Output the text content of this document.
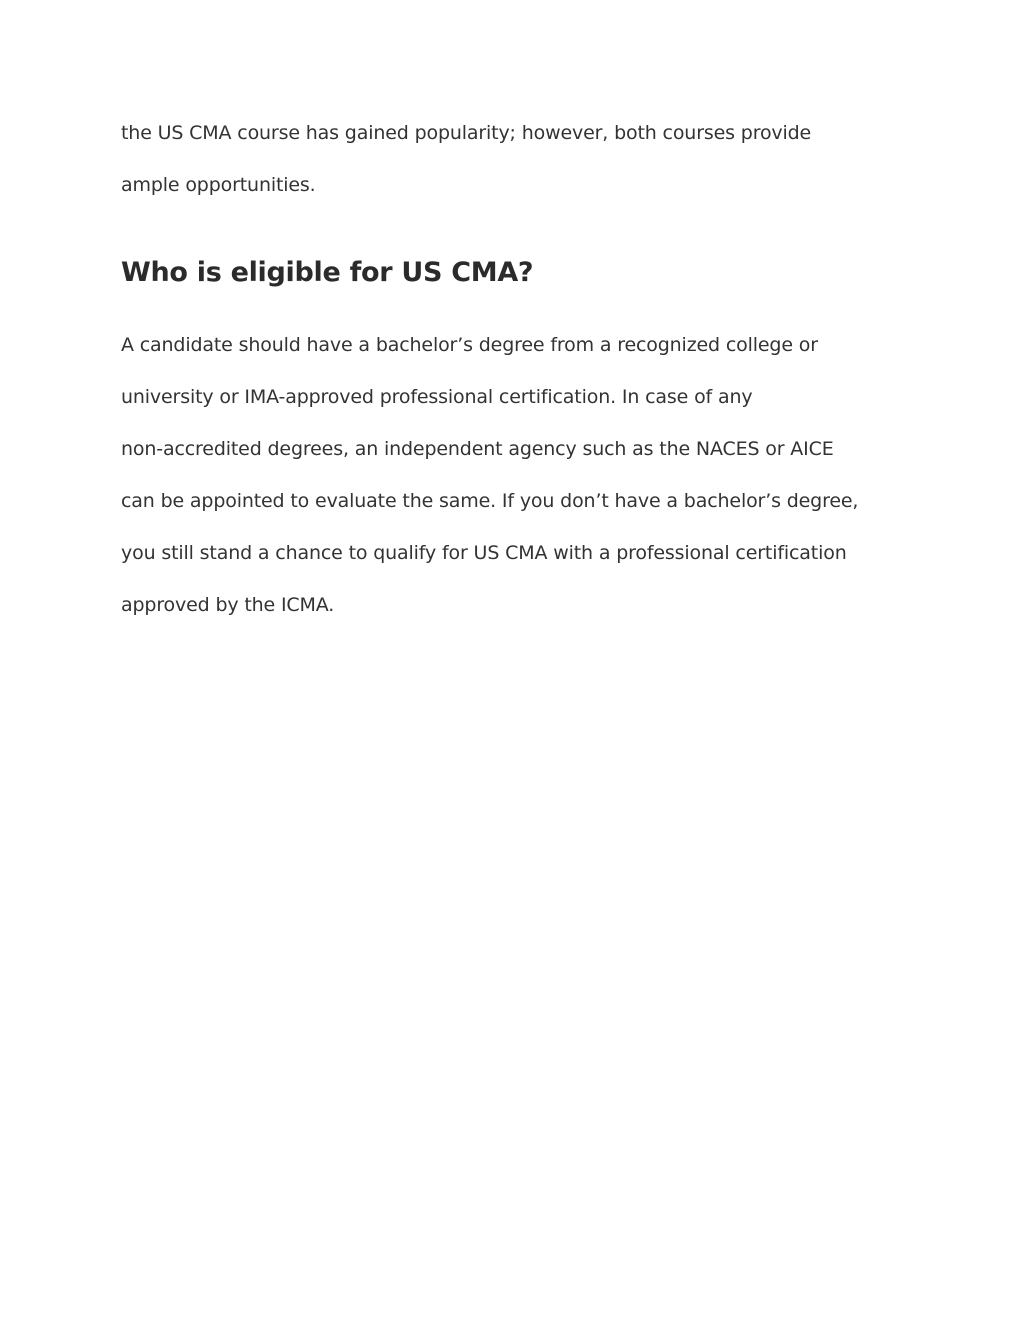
the US CMA course has gained popularity; however, both courses provide
ample opportunities.
Who is eligible for US CMA?
A candidate should have a bachelor’s degree from a recognized college or
university or IMA-approved professional certification. In case of any
non-accredited degrees, an independent agency such as the NACES or AICE
can be appointed to evaluate the same. If you don’t have a bachelor’s degree,
you still stand a chance to qualify for US CMA with a professional certification
approved by the ICMA.
